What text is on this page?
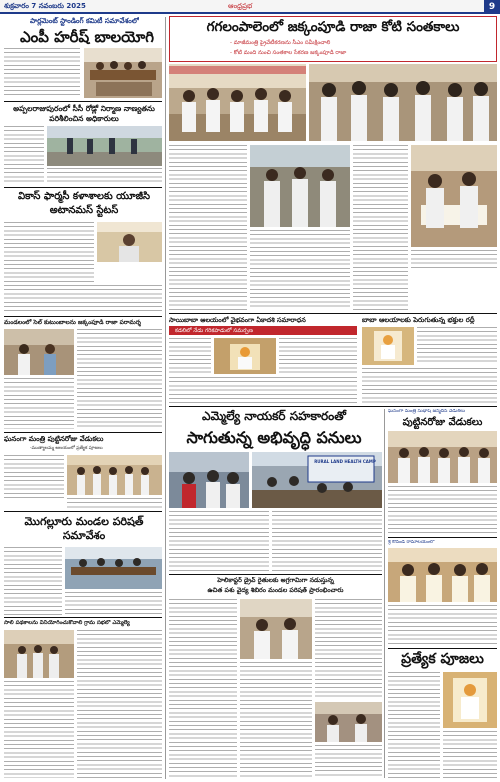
శుక్రవారం 7 నవంబరు 2025	ఆంధ్రప్రభ	9
పార్లమెంట్ స్టాండింగ్ కమిటీ సమావేశంలో
ఎంపీ హరీష్ బాలయోగి
అప్పలరాజుపురంలో సీసీ రోడ్లో నిర్మాణ నాణ్యతను పరిశీలించిన అధికారులు
వికాస్ ఫార్మసీ కళాశాలకు యూజీసి అటానమస్ స్టేటస్
మండలంలో సెల్ కుటుంబాలను జక్కంపూడి రాజా పరామర్శ
ఘనంగా మంత్రి పుట్టినరోజు వేడుకలు
-ముత్యాలమ్మ ఆలయంలో ప్రత్యేక పూజలు
మొగల్లూరు మండల పరిషత్ సమావేశం
సాలి పథకాలను వినియోగించుకోవాలి గ్రామ సభలో ఎమ్మెల్యే
గగలంపాలెంలో జక్కంపూడి రాజా కోటి సంతకాలు
- మాజీమంత్రి ప్రైవేటీకరణను సీఎం సమీక్షించాలి
- కోటి మంది నుంచి సంతకాల సేకరణ జక్కంపూడి రాజా
సాయిబాబా ఆలయంలో వైభవంగా ఏకాదశి సమారాధన
కడలిలో నేడు గరికపాడులో సమర్పణ
బాబా ఆలయాలకు పెరుగుతున్న భక్తుల రద్దీ
ఎమ్మెల్యే నాయకర్ సహకారంతో
సాగుతున్న అభివృద్ధి పనులు
RURAL LAND HEALTH CAMP
హెలికాప్టర్ డ్రైవ్ రైతులకు అగ్రగామిగా నడుస్తున్న
ఉచిత పశు వైద్య శిబిరం మండల పరిషత్ ప్రారంభించారు
ఘనంగా మంత్రి సుభాష్ జన్మదిన వేడుకలు
పుట్టినరోజు వేడుకలు
శ్రీ కోదండ రామాలయంలో
ప్రత్యేక పూజలు
